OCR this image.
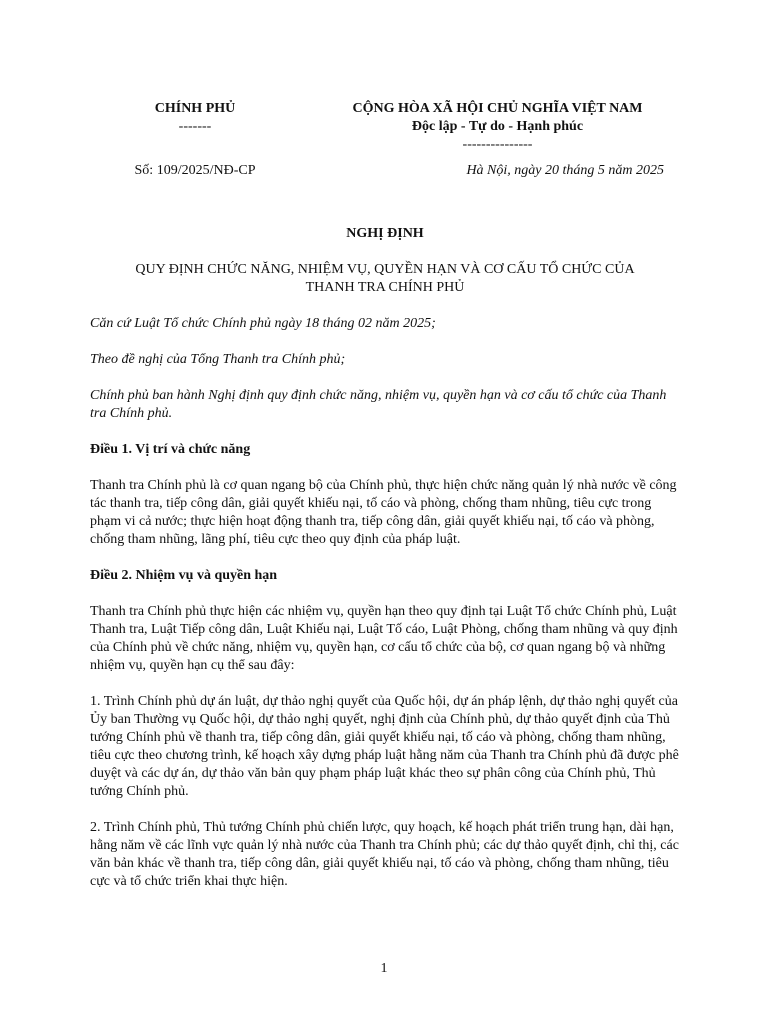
CHÍNH PHỦ
-------
CỘNG HÒA XÃ HỘI CHỦ NGHĨA VIỆT NAM
Độc lập - Tự do - Hạnh phúc
---------------
Số: 109/2025/NĐ-CP	Hà Nội, ngày 20 tháng 5 năm 2025
NGHỊ ĐỊNH
QUY ĐỊNH CHỨC NĂNG, NHIỆM VỤ, QUYỀN HẠN VÀ CƠ CẤU TỔ CHỨC CỦA
THANH TRA CHÍNH PHỦ

Căn cứ Luật Tổ chức Chính phủ ngày 18 tháng 02 năm 2025;

Theo đề nghị của Tổng Thanh tra Chính phủ;

Chính phủ ban hành Nghị định quy định chức năng, nhiệm vụ, quyền hạn và cơ cấu tổ chức của Thanh tra Chính phủ.

Điều 1. Vị trí và chức năng

Thanh tra Chính phủ là cơ quan ngang bộ của Chính phủ, thực hiện chức năng quản lý nhà nước về công tác thanh tra, tiếp công dân, giải quyết khiếu nại, tố cáo và phòng, chống tham nhũng, tiêu cực trong phạm vi cả nước; thực hiện hoạt động thanh tra, tiếp công dân, giải quyết khiếu nại, tố cáo và phòng, chống tham nhũng, lãng phí, tiêu cực theo quy định của pháp luật.

Điều 2. Nhiệm vụ và quyền hạn

Thanh tra Chính phủ thực hiện các nhiệm vụ, quyền hạn theo quy định tại Luật Tổ chức Chính phủ, Luật Thanh tra, Luật Tiếp công dân, Luật Khiếu nại, Luật Tố cáo, Luật Phòng, chống tham nhũng và quy định của Chính phủ về chức năng, nhiệm vụ, quyền hạn, cơ cấu tổ chức của bộ, cơ quan ngang bộ và những nhiệm vụ, quyền hạn cụ thể sau đây:

1. Trình Chính phủ dự án luật, dự thảo nghị quyết của Quốc hội, dự án pháp lệnh, dự thảo nghị quyết của Ủy ban Thường vụ Quốc hội, dự thảo nghị quyết, nghị định của Chính phủ, dự thảo quyết định của Thủ tướng Chính phủ về thanh tra, tiếp công dân, giải quyết khiếu nại, tố cáo và phòng, chống tham nhũng, tiêu cực theo chương trình, kế hoạch xây dựng pháp luật hằng năm của Thanh tra Chính phủ đã được phê duyệt và các dự án, dự thảo văn bản quy phạm pháp luật khác theo sự phân công của Chính phủ, Thủ tướng Chính phủ.

2. Trình Chính phủ, Thủ tướng Chính phủ chiến lược, quy hoạch, kế hoạch phát triển trung hạn, dài hạn, hằng năm về các lĩnh vực quản lý nhà nước của Thanh tra Chính phủ; các dự thảo quyết định, chỉ thị, các văn bản khác về thanh tra, tiếp công dân, giải quyết khiếu nại, tố cáo và phòng, chống tham nhũng, tiêu cực và tổ chức triển khai thực hiện.

1
